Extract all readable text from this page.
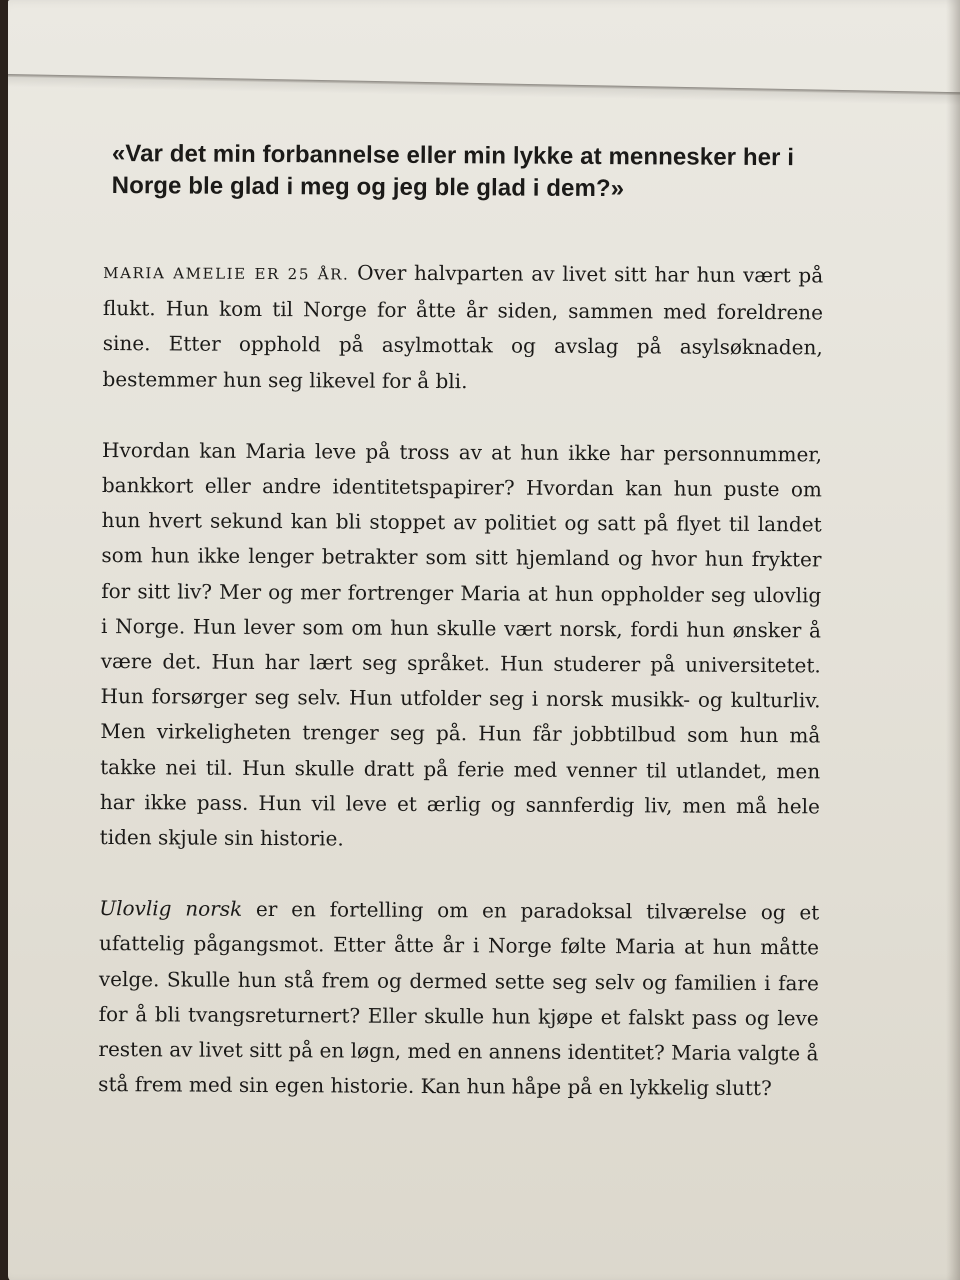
«Var det min forbannelse eller min lykke at mennesker her i Norge ble glad i meg og jeg ble glad i dem?»

MARIA AMELIE ER 25 ÅR. Over halvparten av livet sitt har hun vært på flukt. Hun kom til Norge for åtte år siden, sammen med foreldrene sine. Etter opphold på asylmottak og avslag på asylsøknaden, bestemmer hun seg likevel for å bli.

Hvordan kan Maria leve på tross av at hun ikke har personnummer, bankkort eller andre identitetspapirer? Hvordan kan hun puste om hun hvert sekund kan bli stoppet av politiet og satt på flyet til landet som hun ikke lenger betrakter som sitt hjemland og hvor hun frykter for sitt liv? Mer og mer fortrenger Maria at hun oppholder seg ulovlig i Norge. Hun lever som om hun skulle vært norsk, fordi hun ønsker å være det. Hun har lært seg språket. Hun studerer på universitetet. Hun forsørger seg selv. Hun utfolder seg i norsk musikk- og kulturliv. Men virkeligheten trenger seg på. Hun får jobbtilbud som hun må takke nei til. Hun skulle dratt på ferie med venner til utlandet, men har ikke pass. Hun vil leve et ærlig og sannferdig liv, men må hele tiden skjule sin historie.

Ulovlig norsk er en fortelling om en paradoksal tilværelse og et ufattelig pågangsmot. Etter åtte år i Norge følte Maria at hun måtte velge. Skulle hun stå frem og dermed sette seg selv og familien i fare for å bli tvangsreturnert? Eller skulle hun kjøpe et falskt pass og leve resten av livet sitt på en løgn, med en annens identitet? Maria valgte å stå frem med sin egen historie. Kan hun håpe på en lykkelig slutt?
